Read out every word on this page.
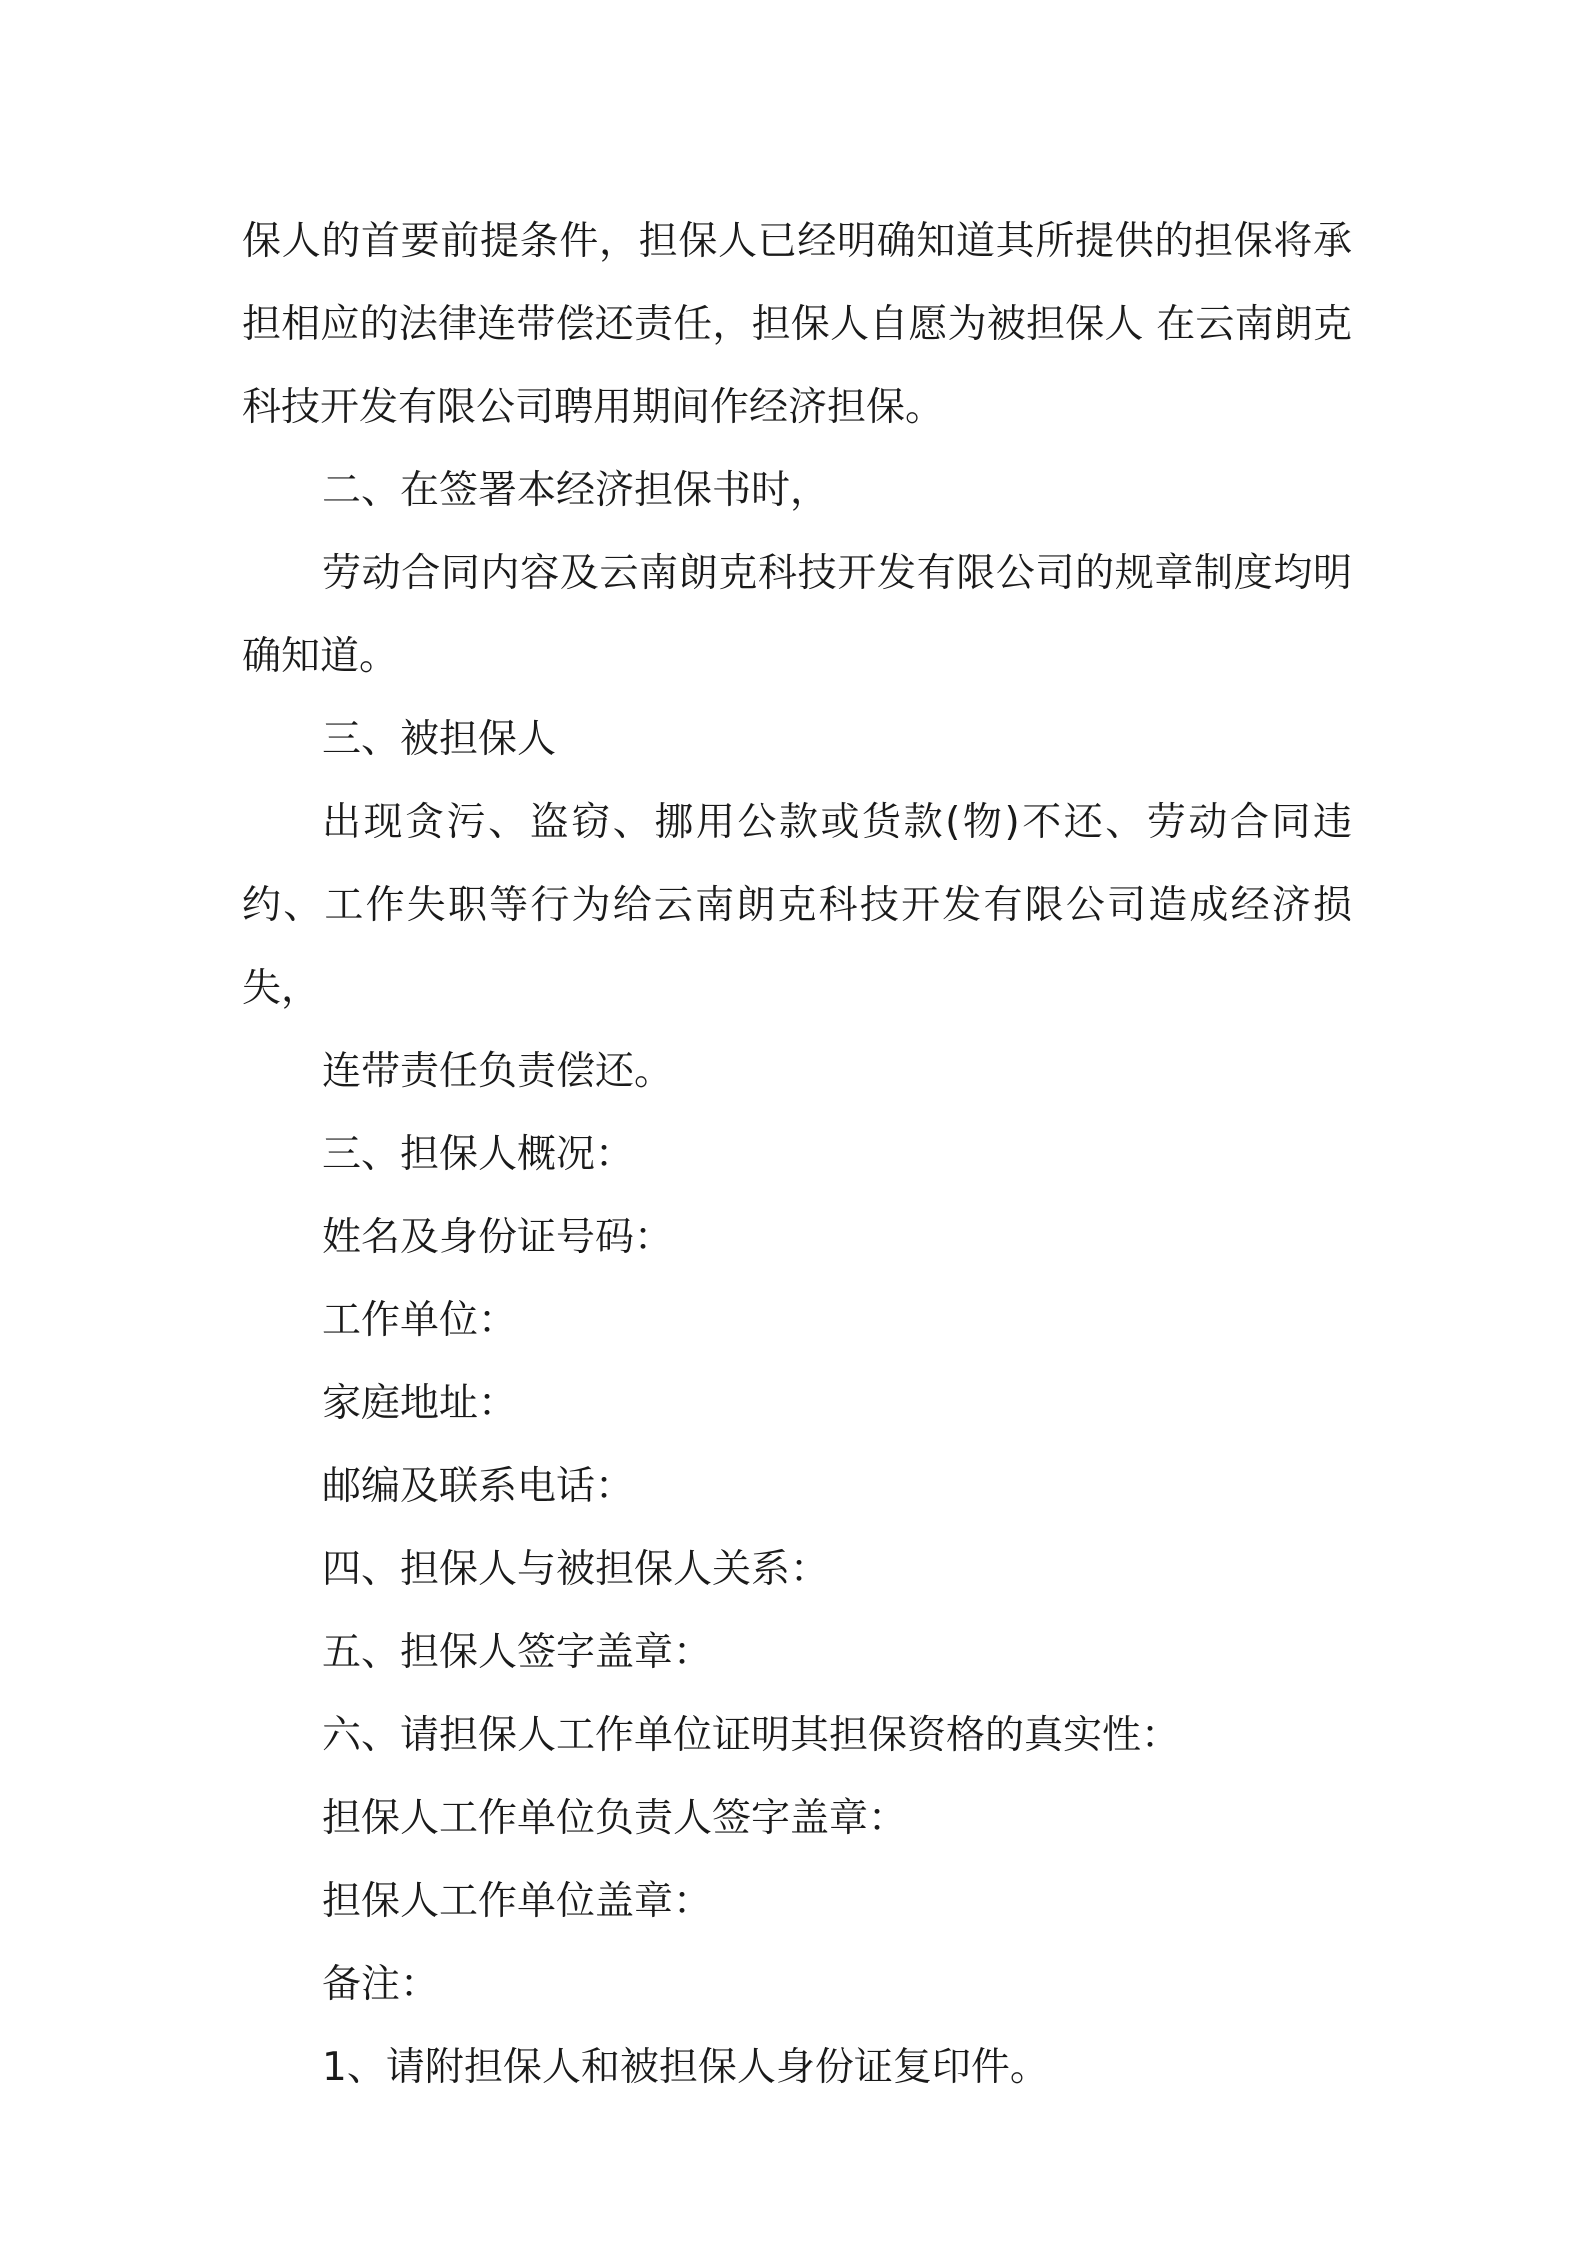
保人的首要前提条件，担保人已经明确知道其所提供的担保将承担相应的法律连带偿还责任，担保人自愿为被担保人 在云南朗克科技开发有限公司聘用期间作经济担保。

二、在签署本经济担保书时，

劳动合同内容及云南朗克科技开发有限公司的规章制度均明确知道。

三、被担保人

出现贪污、盗窃、挪用公款或货款(物)不还、劳动合同违约、工作失职等行为给云南朗克科技开发有限公司造成经济损失，

连带责任负责偿还。

三、担保人概况：

姓名及身份证号码：

工作单位：

家庭地址：

邮编及联系电话：

四、担保人与被担保人关系：

五、担保人签字盖章：

六、请担保人工作单位证明其担保资格的真实性：

担保人工作单位负责人签字盖章：

担保人工作单位盖章：

备注：

1、请附担保人和被担保人身份证复印件。
